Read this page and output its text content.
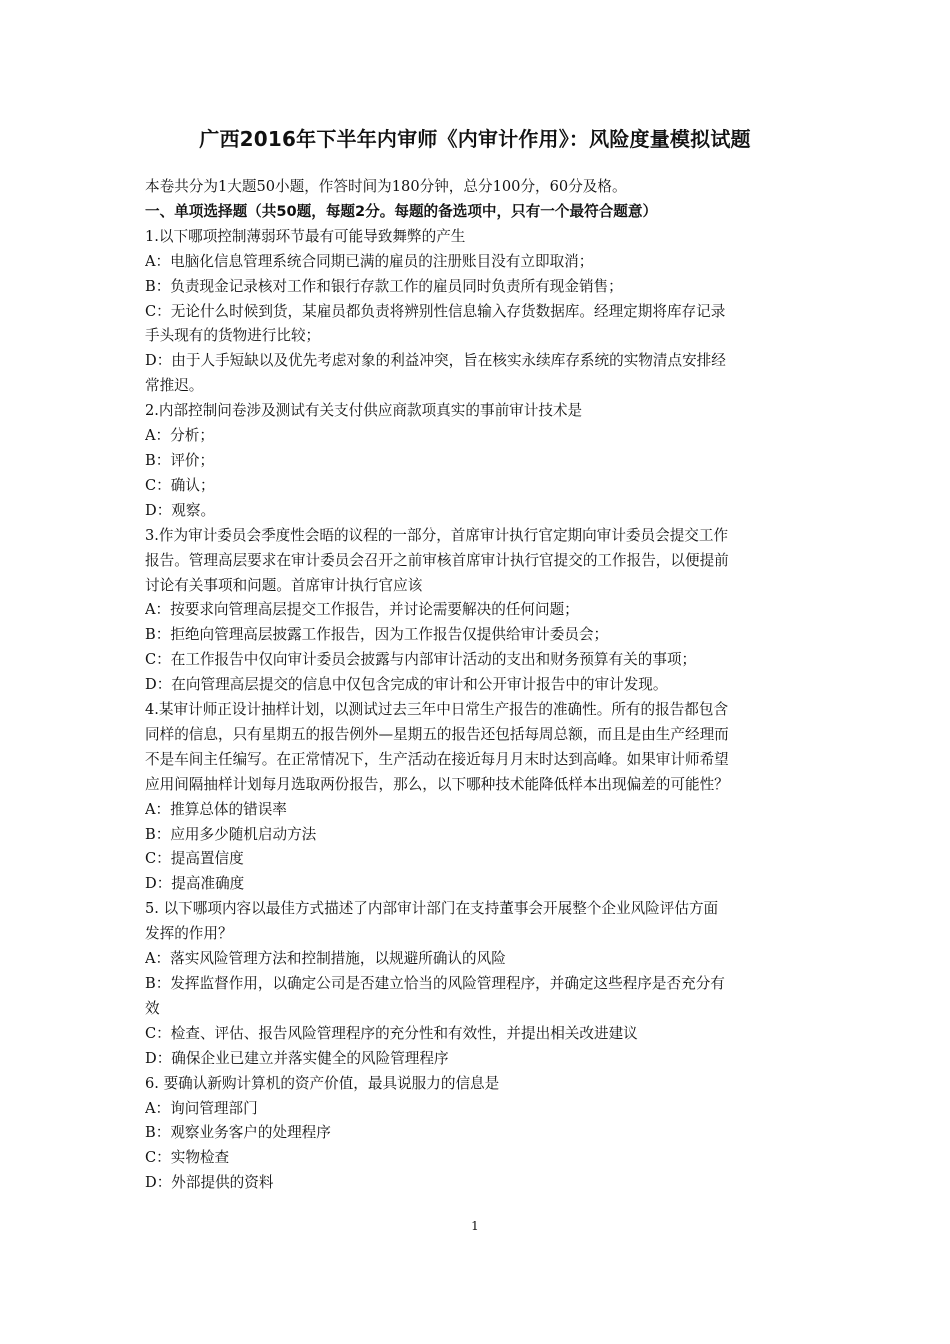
广西2016年下半年内审师《内审计作用》：风险度量模拟试题
本卷共分为1大题50小题，作答时间为180分钟，总分100分，60分及格。
一、单项选择题（共50题，每题2分。每题的备选项中，只有一个最符合题意）
1.以下哪项控制薄弱环节最有可能导致舞弊的产生
A：电脑化信息管理系统合同期已满的雇员的注册账目没有立即取消；
B：负责现金记录核对工作和银行存款工作的雇员同时负责所有现金销售；
C：无论什么时候到货，某雇员都负责将辨别性信息输入存货数据库。经理定期将库存记录
手头现有的货物进行比较；
D：由于人手短缺以及优先考虑对象的利益冲突，旨在核实永续库存系统的实物清点安排经
常推迟。
2.内部控制问卷涉及测试有关支付供应商款项真实的事前审计技术是
A：分析；
B：评价；
C：确认；
D：观察。
3.作为审计委员会季度性会晤的议程的一部分，首席审计执行官定期向审计委员会提交工作
报告。管理高层要求在审计委员会召开之前审核首席审计执行官提交的工作报告，以便提前
讨论有关事项和问题。首席审计执行官应该
A：按要求向管理高层提交工作报告，并讨论需要解决的任何问题；
B：拒绝向管理高层披露工作报告，因为工作报告仅提供给审计委员会；
C：在工作报告中仅向审计委员会披露与内部审计活动的支出和财务预算有关的事项；
D：在向管理高层提交的信息中仅包含完成的审计和公开审计报告中的审计发现。
4.某审计师正设计抽样计划，以测试过去三年中日常生产报告的准确性。所有的报告都包含
同样的信息，只有星期五的报告例外—星期五的报告还包括每周总额，而且是由生产经理而
不是车间主任编写。在正常情况下，生产活动在接近每月月末时达到高峰。如果审计师希望
应用间隔抽样计划每月选取两份报告，那么，以下哪种技术能降低样本出现偏差的可能性？
A：推算总体的错误率
B：应用多少随机启动方法
C：提高置信度
D：提高准确度
5. 以下哪项内容以最佳方式描述了内部审计部门在支持董事会开展整个企业风险评估方面
发挥的作用？
A：落实风险管理方法和控制措施，以规避所确认的风险
B：发挥监督作用，以确定公司是否建立恰当的风险管理程序，并确定这些程序是否充分有
效
C：检查、评估、报告风险管理程序的充分性和有效性，并提出相关改进建议
D：确保企业已建立并落实健全的风险管理程序
6. 要确认新购计算机的资产价值，最具说服力的信息是
A：询问管理部门
B：观察业务客户的处理程序
C：实物检查
D：外部提供的资料
1
